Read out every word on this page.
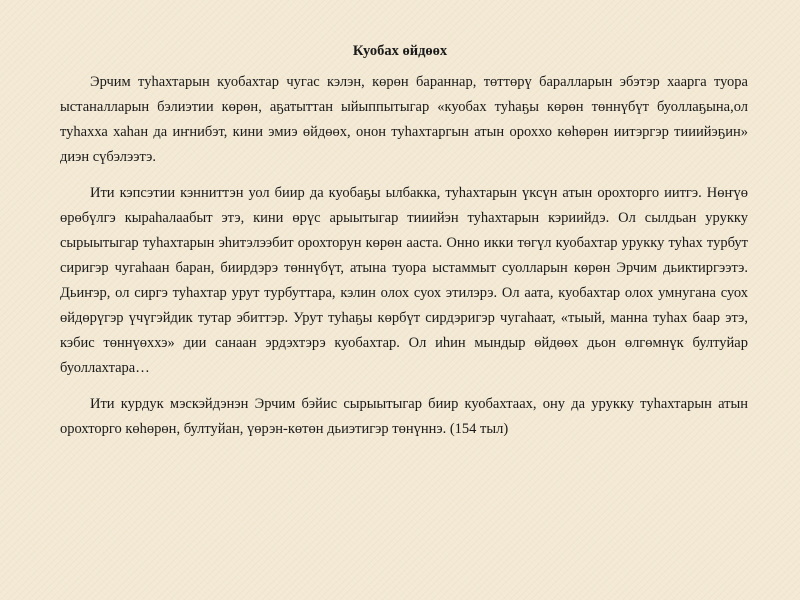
Куобах өйдөөх

Эрчим туһахтарын куобахтар чугас кэлэн, көрөн бараннар, төттөрү баралларын эбэтэр хаарга туора ыстаналларын бэлиэтии көрөн, аҕатыттан ыйыппытыгар «куобах туһаҕы көрөн төннүбүт буоллаҕына,ол туһахха хаһан да иҥнибэт, кини эмиэ өйдөөх, онон туһахтаргын атын ороххо көһөрөн иитэргэр тииийэҕин» диэн сүбэлээтэ.

Ити кэпсэтии кэнниттэн уол биир да куобаҕы ылбакка, туһахтарын үксүн атын орохторго иитгэ. Нөҥүө өрөбүлгэ кыраһалаабыт этэ, кини өрүс арыытыгар тииийэн туһахтарын кэриийдэ. Ол сылдьан урукку сырыытыгар туһахтарын эһитэлээбит орохторун көрөн ааста. Онно икки төгүл куобахтар урукку туһах турбут сиригэр чугаһаан баран, биирдэрэ төннүбүт, атына туора ыстаммыт суолларын көрөн Эрчим дьиктиргээтэ. Дьиҥэр, ол сиргэ туһахтар урут турбуттара, кэлин олох суох этилэрэ. Ол аата, куобахтар олох умнугана суох өйдөрүгэр үчүгэйдик тутар эбиттэр. Урут туһаҕы көрбүт сирдэригэр чугаһаат, «тыый, манна туһах баар этэ, кэбис төннүөххэ» дии санаан эрдэхтэрэ куобахтар. Ол иһин мындыр өйдөөх дьон өлгөмнүк бултуйар буоллахтара…

Ити курдук мэскэйдэнэн Эрчим бэйис сырыытыгар биир куобахтаах, ону да урукку туһахтарын атын орохторго көһөрөн, бултуйан, үөрэн-көтөн дьиэтигэр төнүннэ. (154 тыл)
